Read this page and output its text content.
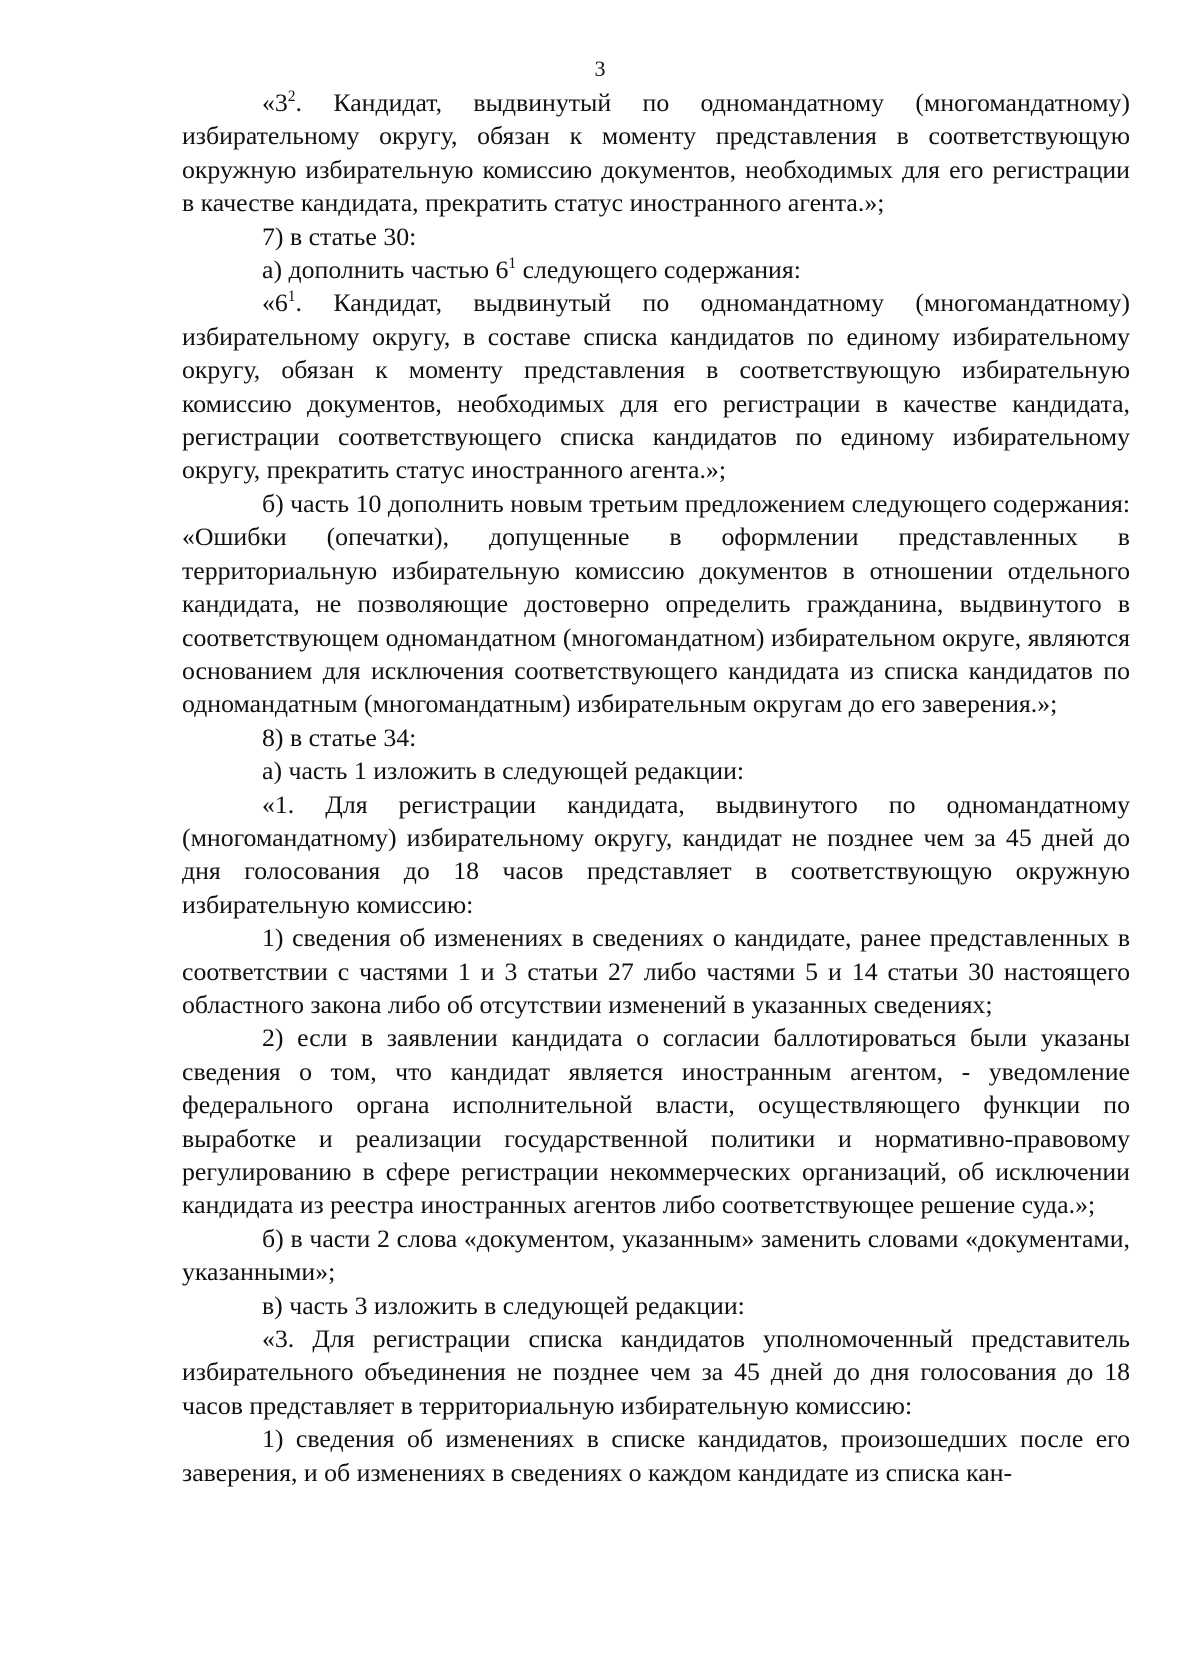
3

«$3^2$. Кандидат, выдвинутый по одномандатному (многомандатному) избирательному округу, обязан к моменту представления в соответствующую окружную избирательную комиссию документов, необходимых для его регистрации в качестве кандидата, прекратить статус иностранного агента.»;

7) в статье 30:

а) дополнить частью $6^1$ следующего содержания:

«$6^1$. Кандидат, выдвинутый по одномандатному (многомандатному) избирательному округу, в составе списка кандидатов по единому избирательному округу, обязан к моменту представления в соответствующую избирательную комиссию документов, необходимых для его регистрации в качестве кандидата, регистрации соответствующего списка кандидатов по единому избирательному округу, прекратить статус иностранного агента.»;

б) часть 10 дополнить новым третьим предложением следующего содержания: «Ошибки (опечатки), допущенные в оформлении представленных в территориальную избирательную комиссию документов в отношении отдельного кандидата, не позволяющие достоверно определить гражданина, выдвинутого в соответствующем одномандатном (многомандатном) избирательном округе, являются основанием для исключения соответствующего кандидата из списка кандидатов по одномандатным (многомандатным) избирательным округам до его заверения.»;

8) в статье 34:

а) часть 1 изложить в следующей редакции:

«1. Для регистрации кандидата, выдвинутого по одномандатному (многомандатному) избирательному округу, кандидат не позднее чем за 45 дней до дня голосования до 18 часов представляет в соответствующую окружную избирательную комиссию:

1) сведения об изменениях в сведениях о кандидате, ранее представленных в соответствии с частями 1 и 3 статьи 27 либо частями 5 и 14 статьи 30 настоящего областного закона либо об отсутствии изменений в указанных сведениях;

2) если в заявлении кандидата о согласии баллотироваться были указаны сведения о том, что кандидат является иностранным агентом, - уведомление федерального органа исполнительной власти, осуществляющего функции по выработке и реализации государственной политики и нормативно-правовому регулированию в сфере регистрации некоммерческих организаций, об исключении кандидата из реестра иностранных агентов либо соответствующее решение суда.»;

б) в части 2 слова «документом, указанным» заменить словами «документами, указанными»;

в) часть 3 изложить в следующей редакции:

«3. Для регистрации списка кандидатов уполномоченный представитель избирательного объединения не позднее чем за 45 дней до дня голосования до 18 часов представляет в территориальную избирательную комиссию:

1) сведения об изменениях в списке кандидатов, произошедших после его заверения, и об изменениях в сведениях о каждом кандидате из списка кан-
